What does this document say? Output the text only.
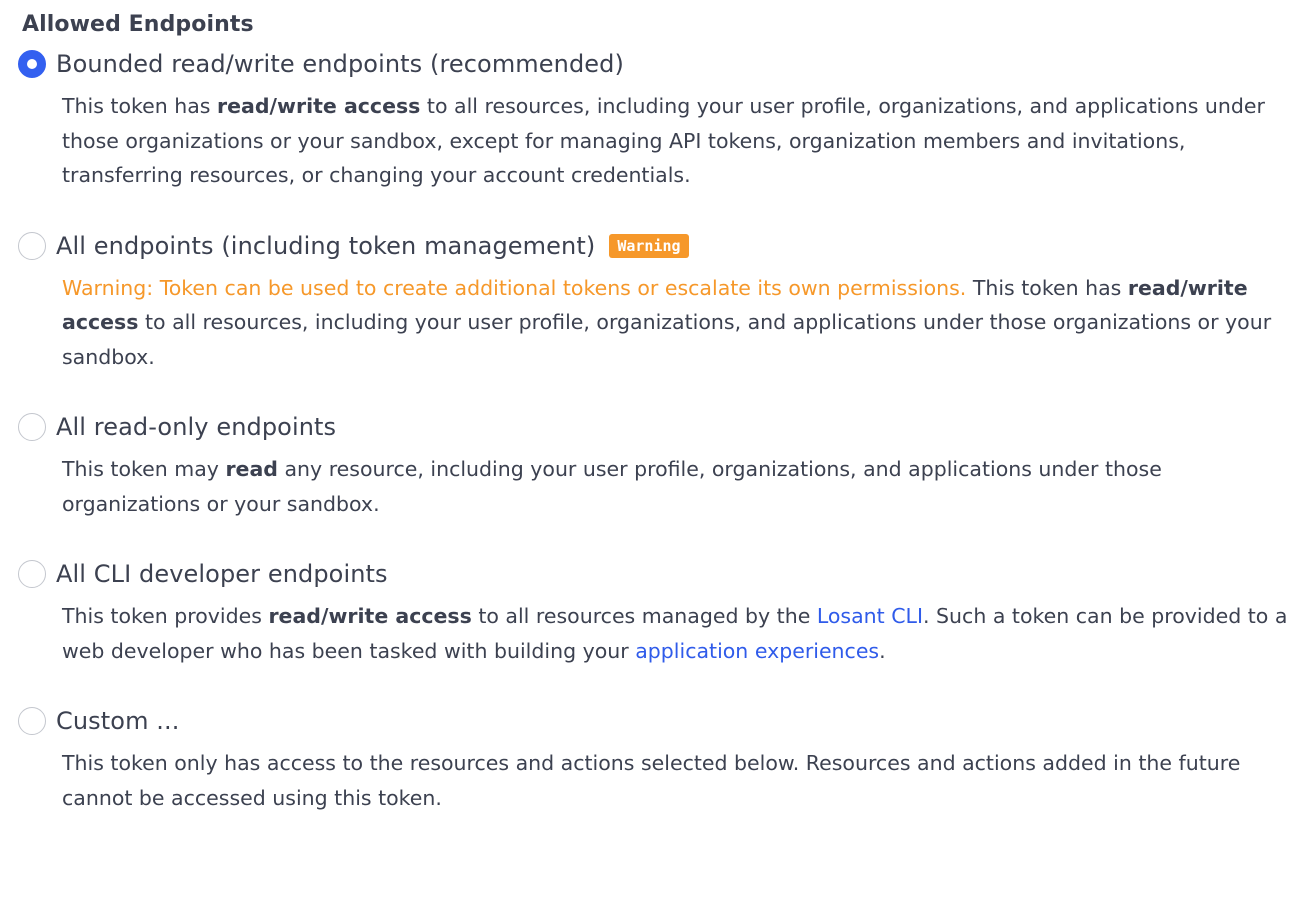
Allowed Endpoints
Bounded read/write endpoints (recommended)
This token has read/write access to all resources, including your user profile, organizations, and applications under those organizations or your sandbox, except for managing API tokens, organization members and invitations, transferring resources, or changing your account credentials.
All endpoints (including token management)	Warning
Warning: Token can be used to create additional tokens or escalate its own permissions. This token has read/write access to all resources, including your user profile, organizations, and applications under those organizations or your sandbox.
All read-only endpoints
This token may read any resource, including your user profile, organizations, and applications under those organizations or your sandbox.
All CLI developer endpoints
This token provides read/write access to all resources managed by the Losant CLI. Such a token can be provided to a web developer who has been tasked with building your application experiences.
Custom ...
This token only has access to the resources and actions selected below. Resources and actions added in the future cannot be accessed using this token.
